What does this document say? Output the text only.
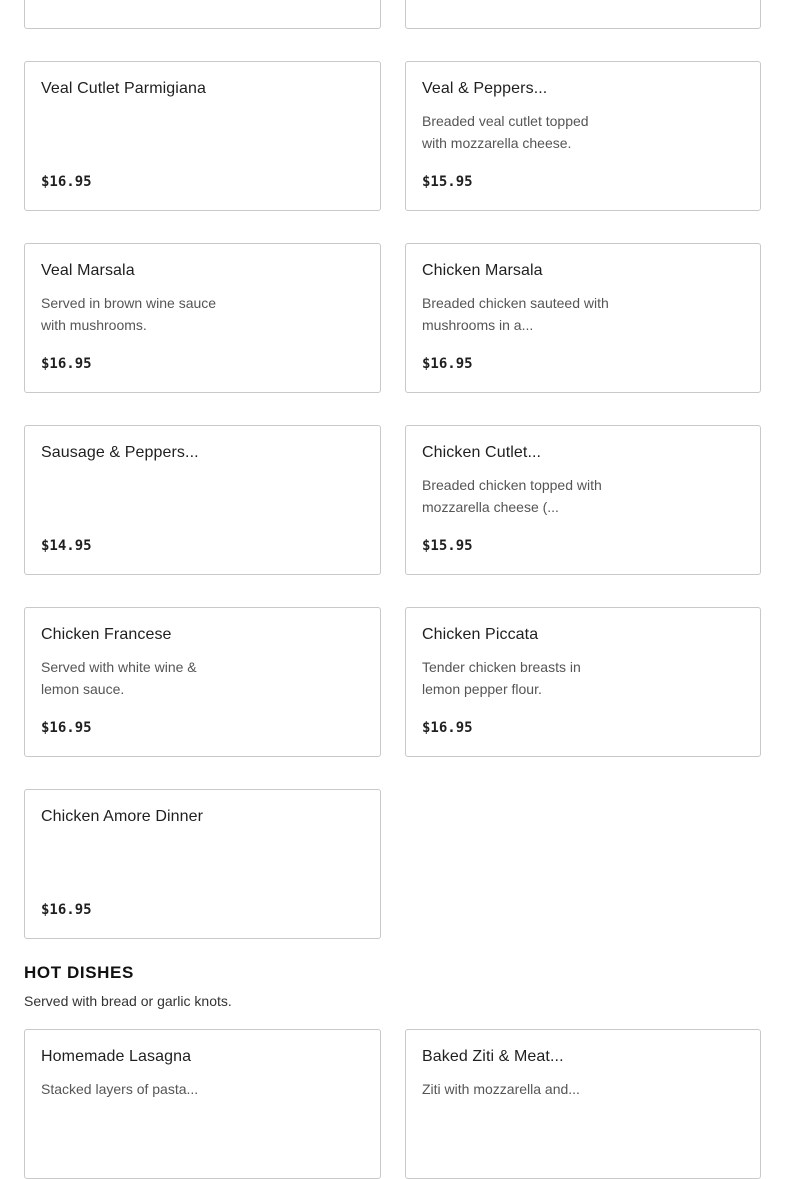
Veal Cutlet Parmigiana
$16.95
Veal & Peppers...
Breaded veal cutlet topped with mozzarella cheese.
$15.95
Veal Marsala
Served in brown wine sauce with mushrooms.
$16.95
Chicken Marsala
Breaded chicken sauteed with mushrooms in a...
$16.95
Sausage & Peppers...
$14.95
Chicken Cutlet...
Breaded chicken topped with mozzarella cheese (...
$15.95
Chicken Francese
Served with white wine & lemon sauce.
$16.95
Chicken Piccata
Tender chicken breasts in lemon pepper flour.
$16.95
Chicken Amore Dinner
$16.95
HOT DISHES
Served with bread or garlic knots.
Homemade Lasagna
Stacked layers of pasta...
Baked Ziti & Meat...
Ziti with mozzarella and...
